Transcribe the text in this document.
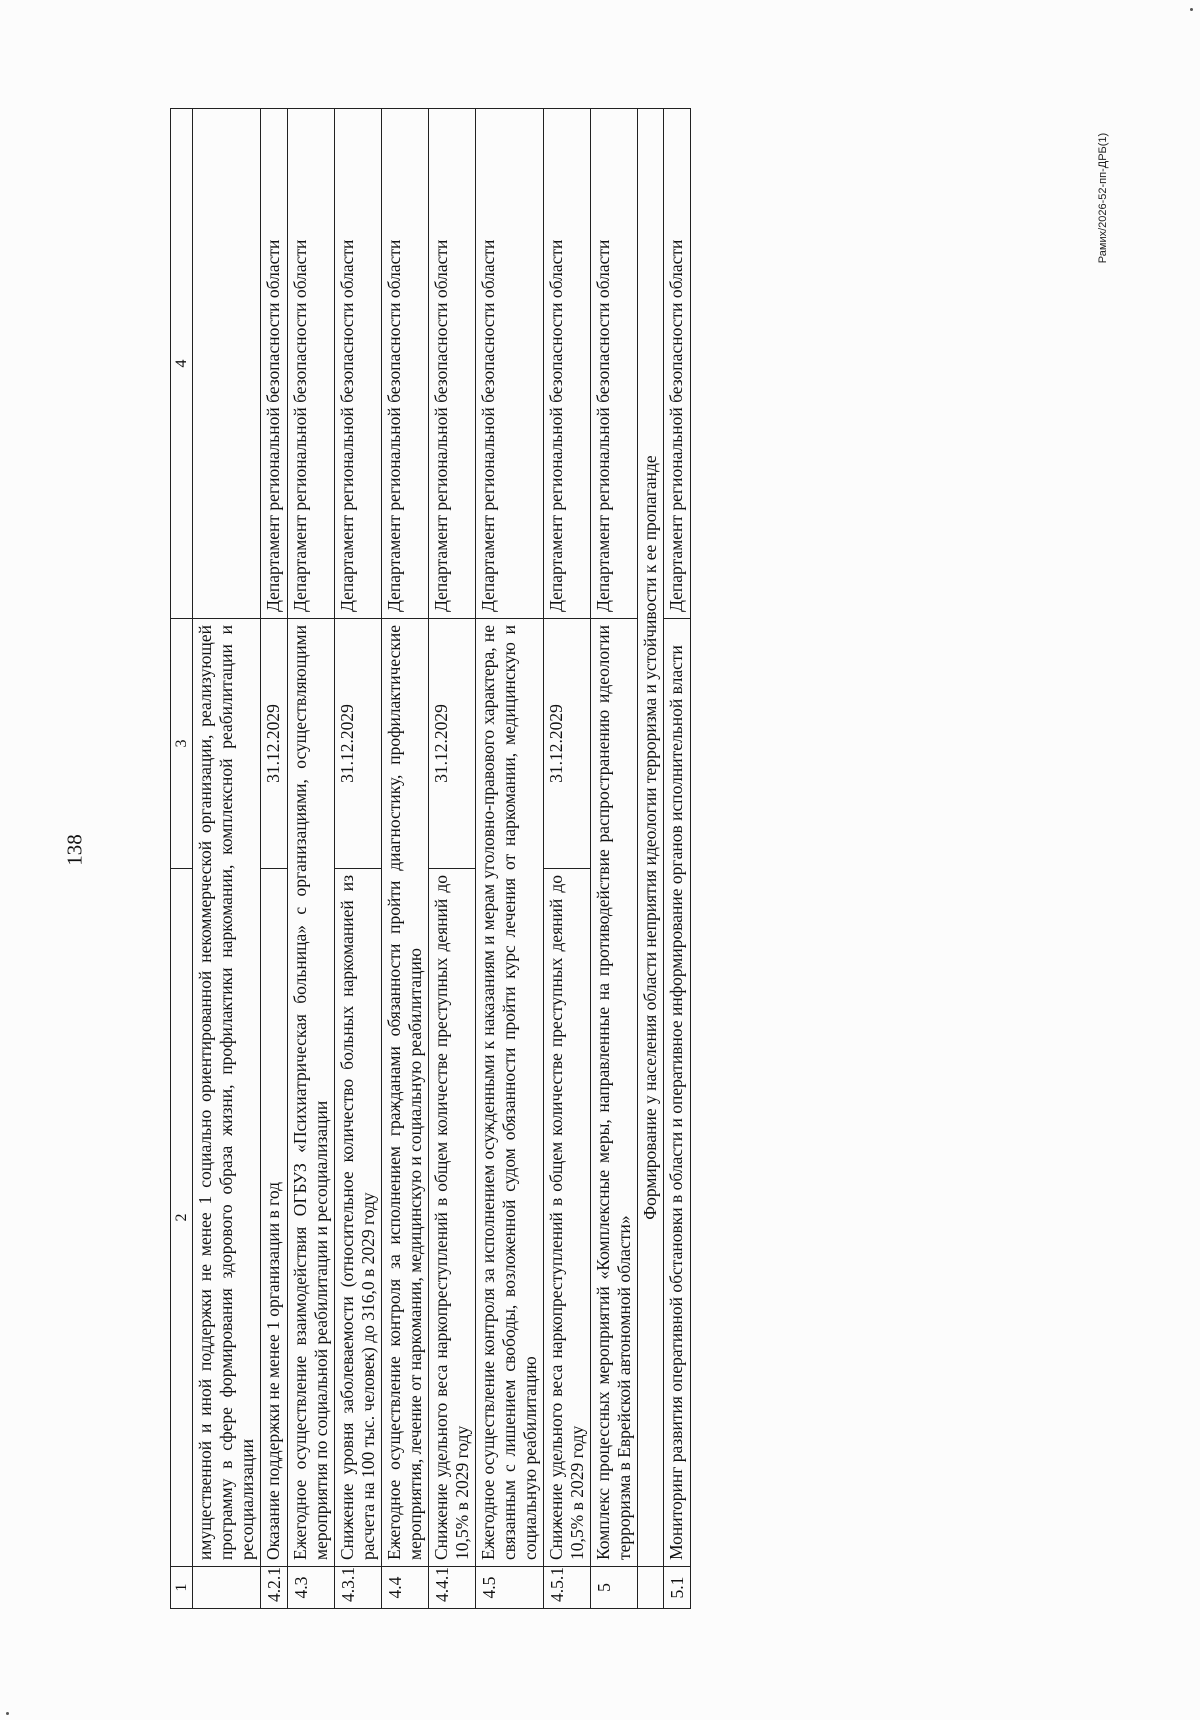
138
Рамих/2026-52-пп-ДРБ(1)
1	2	3	4
	имущественной и иной поддержки не менее 1 социально ориентированной некоммерческой организации, реализующей программу в сфере формирования здорового образа жизни, профилактики наркомании, комплексной реабилитации и ресоциализации		
4.2.1	Оказание поддержки не менее 1 организации в год	31.12.2029	Департамент региональной безопасности области
4.3	Ежегодное осуществление взаимодействия ОГБУЗ «Психиатрическая больница» с организациями, осуществляющими мероприятия по социальной реабилитации и ресоциализации		Департамент региональной безопасности области
4.3.1	Снижение уровня заболеваемости (относительное количество больных наркоманией из расчета на 100 тыс. человек) до 316,0 в 2029 году	31.12.2029	Департамент региональной безопасности области
4.4	Ежегодное осуществление контроля за исполнением гражданами обязанности пройти диагностику, профилактические мероприятия, лечение от наркомании, медицинскую и социальную реабилитацию		Департамент региональной безопасности области
4.4.1	Снижение удельного веса наркопреступлений в общем количестве преступных деяний до 10,5% в 2029 году	31.12.2029	Департамент региональной безопасности области
4.5	Ежегодное осуществление контроля за исполнением осужденными к наказаниям и мерам уголовно-правового характера, не связанным с лишением свободы, возложенной судом обязанности пройти курс лечения от наркомании, медицинскую и социальную реабилитацию		Департамент региональной безопасности области
4.5.1	Снижение удельного веса наркопреступлений в общем количестве преступных деяний до 10,5% в 2029 году	31.12.2029	Департамент региональной безопасности области
5	Комплекс процессных мероприятий «Комплексные меры, направленные на противодействие распространению идеологии терроризма в Еврейской автономной области»		Департамент региональной безопасности области
	Формирование у населения области неприятия идеологии терроризма и устойчивости к ее пропаганде		
5.1	Мониторинг развития оперативной обстановки в области и оперативное информирование органов исполнительной власти		Департамент региональной безопасности области
